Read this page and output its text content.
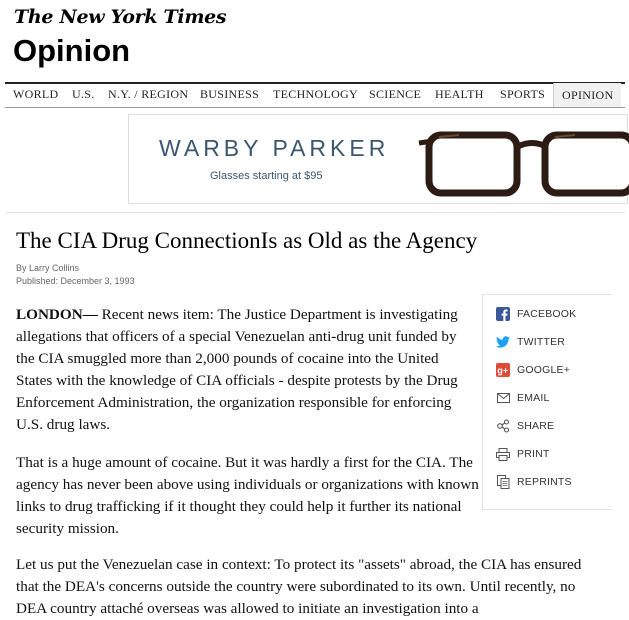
The New York Times
Opinion
WORLD U.S. N.Y. / REGION BUSINESS TECHNOLOGY SCIENCE HEALTH SPORTS	OPINION
WARBY PARKER
Glasses starting at $95
The CIA Drug ConnectionIs as Old as the Agency
By Larry Collins
Published: December 3, 1993

LONDON— Recent news item: The Justice Department is investigating allegations that officers of a special Venezuelan anti-drug unit funded by the CIA smuggled more than 2,000 pounds of cocaine into the United States with the knowledge of CIA officials - despite protests by the Drug Enforcement Administration, the organization responsible for enforcing U.S. drug laws.

That is a huge amount of cocaine. But it was hardly a first for the CIA. The agency has never been above using individuals or organizations with known links to drug trafficking if it thought they could help it further its national security mission.

Let us put the Venezuelan case in context: To protect its "assets" abroad, the CIA has ensured that the DEA's concerns outside the country were subordinated to its own. Until recently, no DEA country attaché overseas was allowed to initiate an investigation into a

FACEBOOK
TWITTER
g+ GOOGLE+
EMAIL
SHARE
PRINT
REPRINTS
